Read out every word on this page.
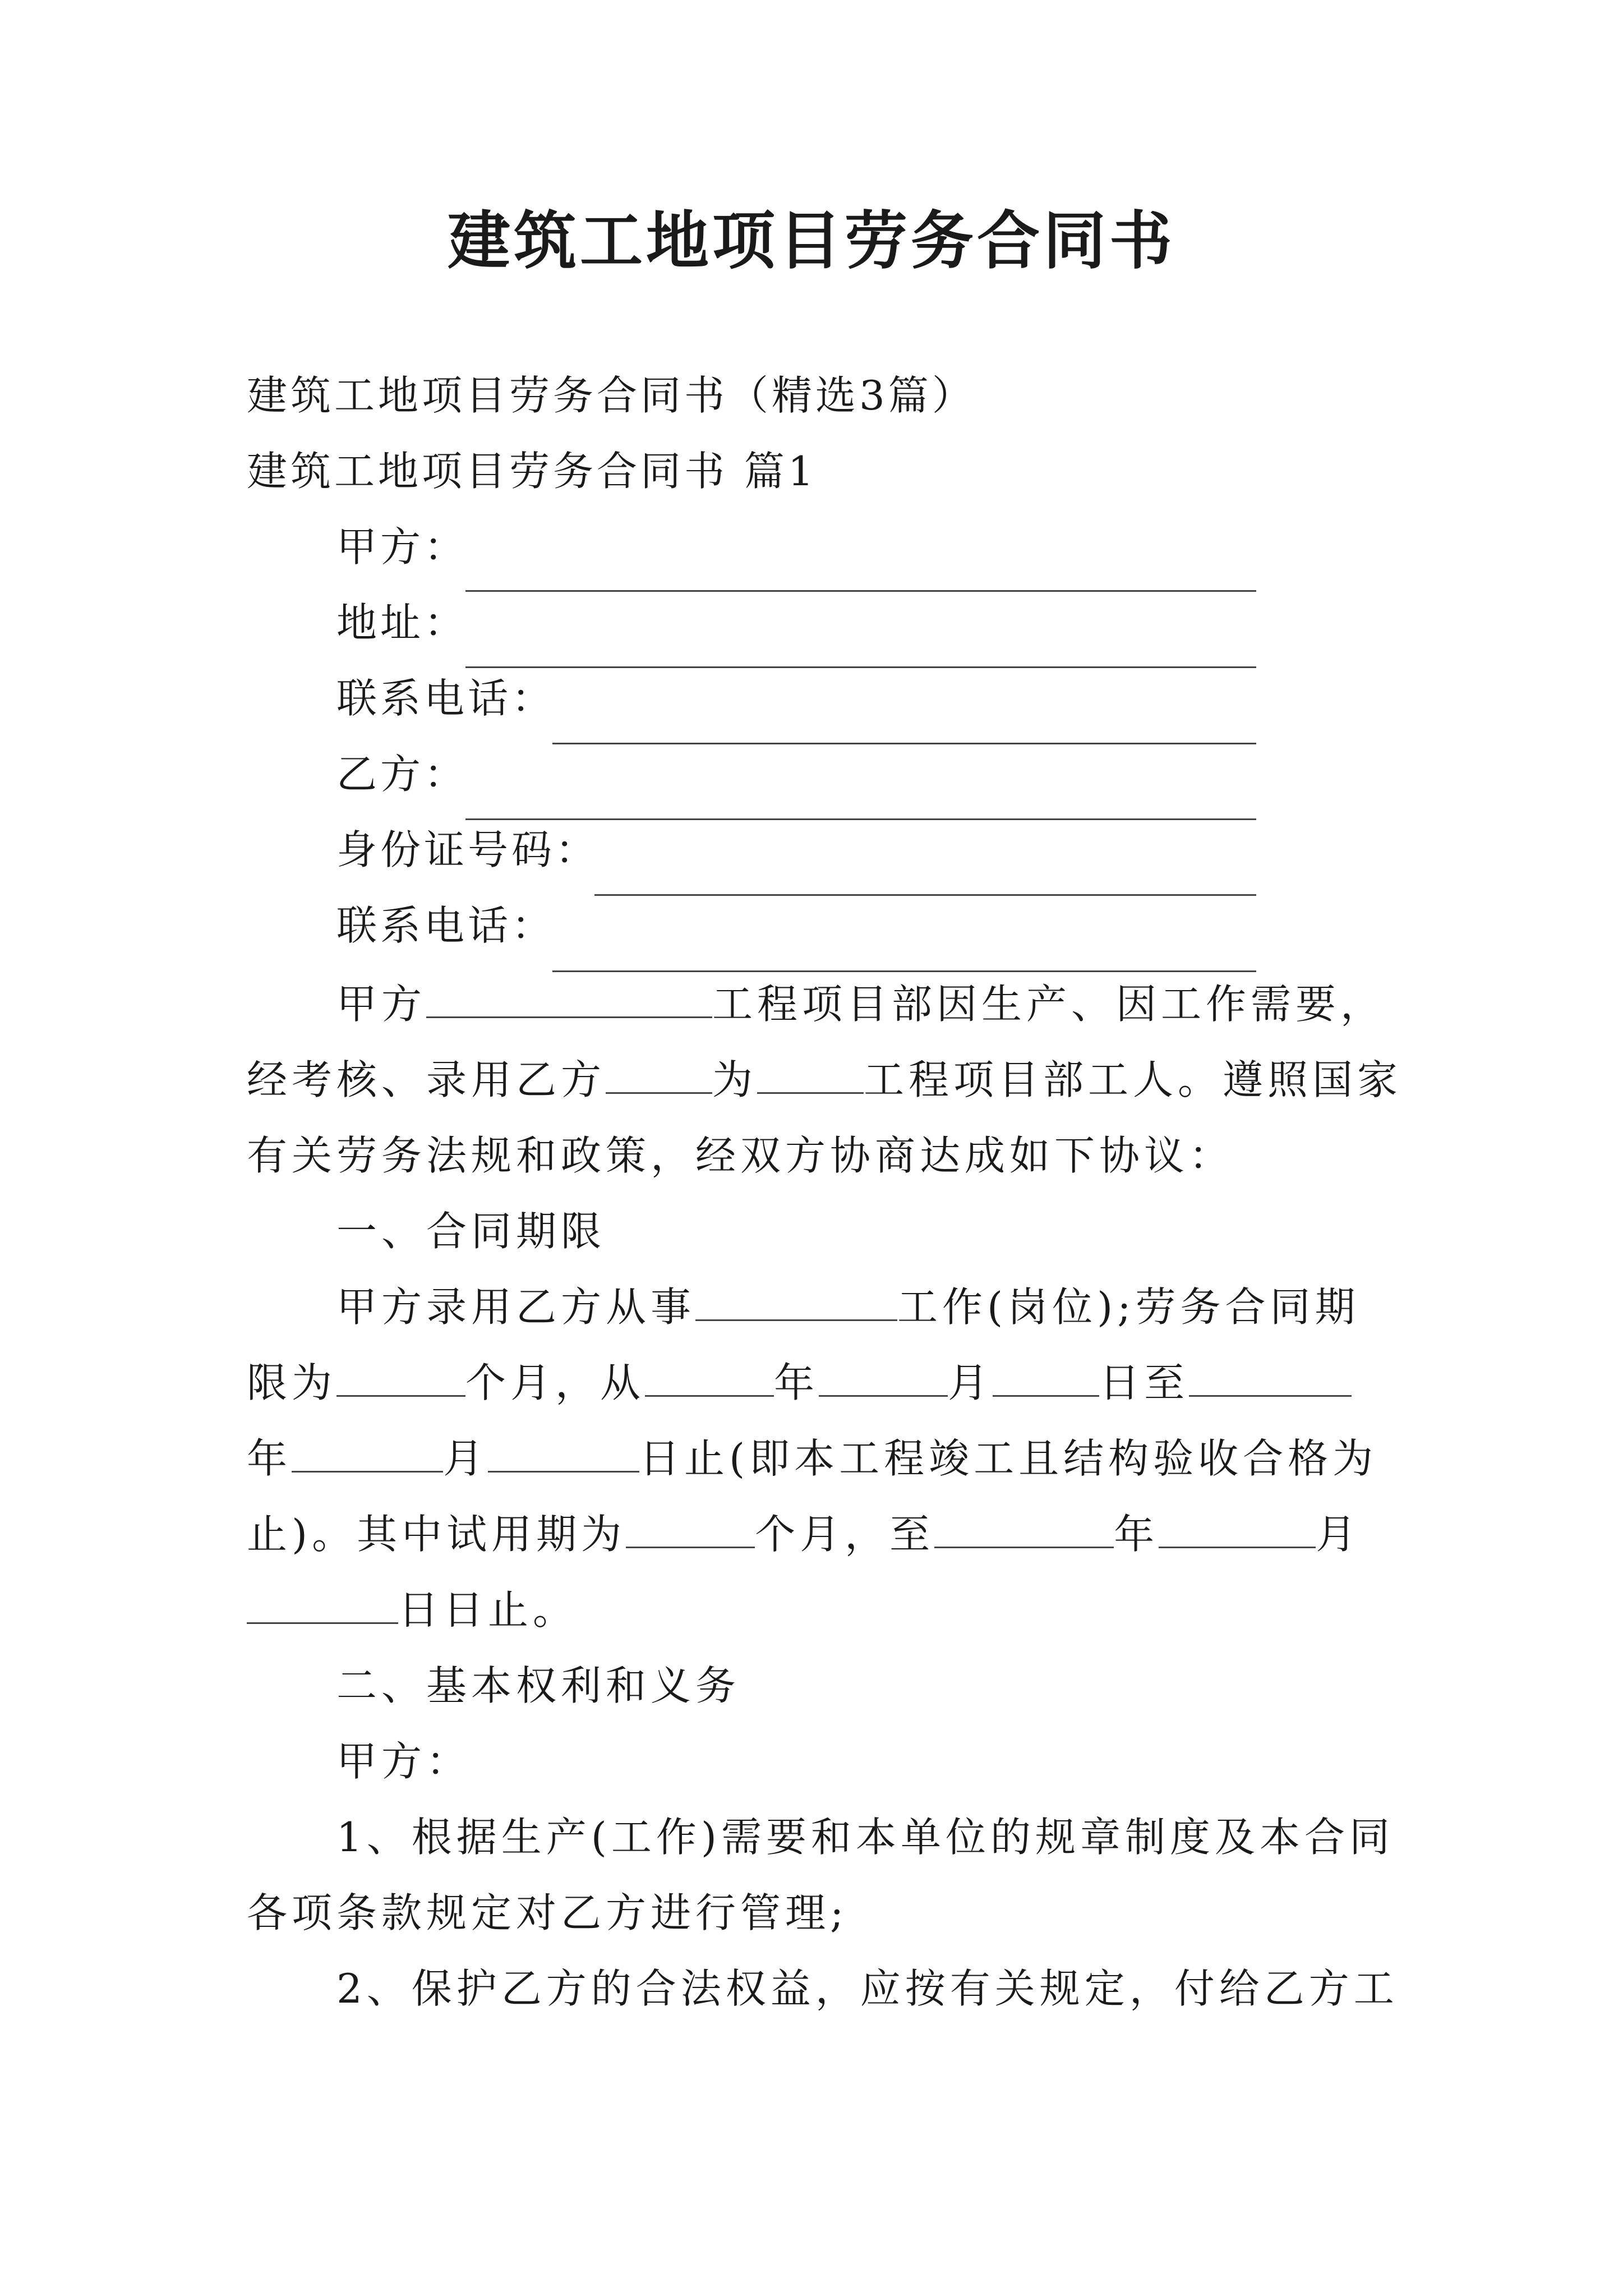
建筑工地项目劳务合同书
建筑工地项目劳务合同书（精选3篇）
建筑工地项目劳务合同书 篇1
甲方：
地址：
联系电话：
乙方：
身份证号码：
联系电话：
甲方	工程项目部因生产、因工作需要，
经考核、录用乙方	为	工程项目部工人。遵照国家
有关劳务法规和政策，经双方协商达成如下协议：
一、合同期限
甲方录用乙方从事	工作(岗位);劳务合同期
限为	个月，从	年	月	日至
年	月	日止(即本工程竣工且结构验收合格为
止)。其中试用期为	个月，至	年	月
日日止。
二、基本权利和义务
甲方：
1、根据生产(工作)需要和本单位的规章制度及本合同
各项条款规定对乙方进行管理;
2、保护乙方的合法权益，应按有关规定，付给乙方工
